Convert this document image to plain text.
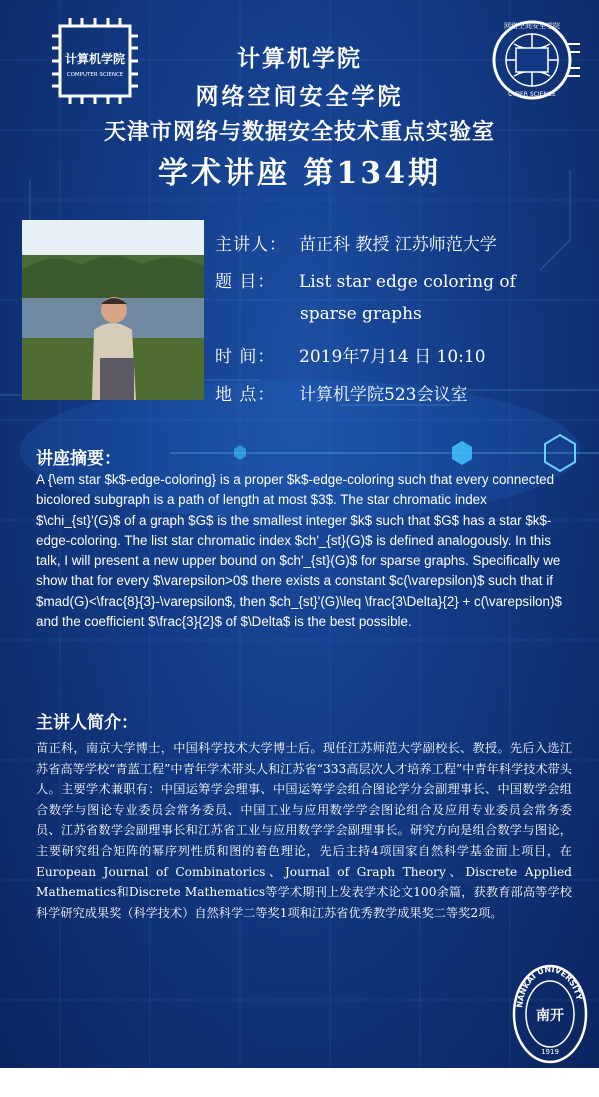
计算机学院
COMPUTER SCIENCE
网络空间安全学院
CYBER SCIENCE
计算机学院
网络空间安全学院
天津市网络与数据安全技术重点实验室
学术讲座 第134期
主讲人： 苗正科 教授 江苏师范大学
题 目： List star edge coloring of
sparse graphs
时 间： 2019年7月14 日 10:10
地 点： 计算机学院523会议室
讲座摘要：
A {\em star $k$-edge-coloring} is a proper $k$-edge-coloring such that every connected bicolored subgraph is a path of length at most $3$. The star chromatic index $\chi_{st}'(G)$ of a graph $G$ is the smallest integer $k$ such that $G$ has a star $k$-edge-coloring. The list star chromatic index $ch'_{st}(G)$ is defined analogously. In this talk, I will present a new upper bound on $ch'_{st}(G)$ for sparse graphs. Specifically we show that for every $\varepsilon>0$ there exists a constant $c(\varepsilon)$ such that if $mad(G)<\frac{8}{3}-\varepsilon$, then $ch_{st}'(G)\leq \frac{3\Delta}{2} + c(\varepsilon)$ and the coefficient $\frac{3}{2}$ of $\Delta$ is the best possible.
主讲人简介：
苗正科，南京大学博士，中国科学技术大学博士后。现任江苏师范大学副校长、教授。先后入选江苏省高等学校“青蓝工程”中青年学术带头人和江苏省“333高层次人才培养工程”中青年科学技术带头人。主要学术兼职有：中国运筹学会理事、中国运筹学会组合图论学分会副理事长、中国数学会组合数学与图论专业委员会常务委员、中国工业与应用数学学会图论组合及应用专业委员会常务委员、江苏省数学会副理事长和江苏省工业与应用数学学会副理事长。研究方向是组合数学与图论，主要研究组合矩阵的幂序列性质和图的着色理论，先后主持4项国家自然科学基金面上项目，在European Journal of Combinatorics、Journal of Graph Theory、Discrete Applied Mathematics和Discrete Mathematics等学术期刊上发表学术论文100余篇，获教育部高等学校科学研究成果奖（科学技术）自然科学二等奖1项和江苏省优秀教学成果奖二等奖2项。
NANKAI UNIVERSITY
南开
1919
